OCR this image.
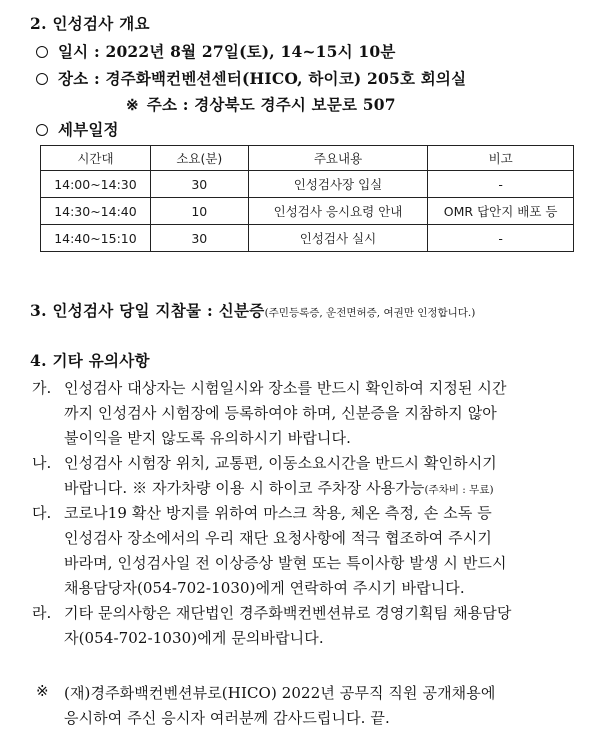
2. 인성검사 개요
일시 : 2022년 8월 27일(토), 14~15시 10분
장소 : 경주화백컨벤션센터(HICO, 하이코) 205호 회의실
※ 주소 : 경상북도 경주시 보문로 507
세부일정
시간대	소요(분)	주요내용	비고
14:00~14:30	30	인성검사장 입실	-
14:30~14:40	10	인성검사 응시요령 안내	OMR 답안지 배포 등
14:40~15:10	30	인성검사 실시	-
3. 인성검사 당일 지참물 : 신분증(주민등록증, 운전면허증, 여권만 인정합니다.)
4. 기타 유의사항
가. 인성검사 대상자는 시험일시와 장소를 반드시 확인하여 지정된 시간
까지 인성검사 시험장에 등록하여야 하며, 신분증을 지참하지 않아
불이익을 받지 않도록 유의하시기 바랍니다.
나. 인성검사 시험장 위치, 교통편, 이동소요시간을 반드시 확인하시기
바랍니다. ※ 자가차량 이용 시 하이코 주차장 사용가능(주차비 : 무료)
다. 코로나19 확산 방지를 위하여 마스크 착용, 체온 측정, 손 소독 등
인성검사 장소에서의 우리 재단 요청사항에 적극 협조하여 주시기
바라며, 인성검사일 전 이상증상 발현 또는 특이사항 발생 시 반드시
채용담당자(054-702-1030)에게 연락하여 주시기 바랍니다.
라. 기타 문의사항은 재단법인 경주화백컨벤션뷰로 경영기획팀 채용담당
자(054-702-1030)에게 문의바랍니다.
※ (재)경주화백컨벤션뷰로(HICO) 2022년 공무직 직원 공개채용에
응시하여 주신 응시자 여러분께 감사드립니다. 끝.
